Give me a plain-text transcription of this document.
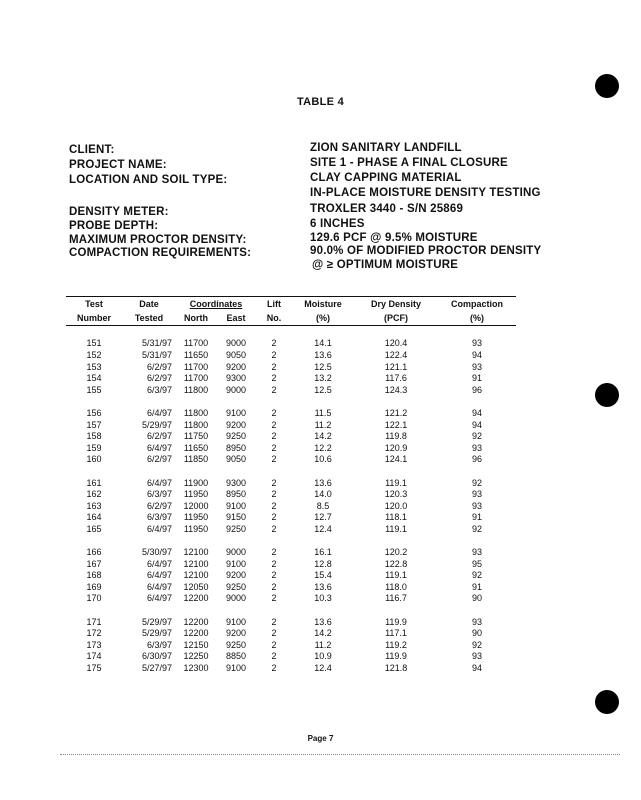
TABLE 4
CLIENT:	ZION SANITARY LANDFILL
PROJECT NAME:	SITE 1 - PHASE A FINAL CLOSURE
LOCATION AND SOIL TYPE:	CLAY CAPPING MATERIAL
IN-PLACE MOISTURE DENSITY TESTING
DENSITY METER:	TROXLER 3440 - S/N 25869
PROBE DEPTH:	6 INCHES
MAXIMUM PROCTOR DENSITY:	129.6 PCF @ 9.5% MOISTURE
COMPACTION REQUIREMENTS:	90.0% OF MODIFIED PROCTOR DENSITY
@ ≥ OPTIMUM MOISTURE
Test	Date	Coordinates		Lift	Moisture	Dry Density	Compaction
Number	Tested	North	East	No.	(%)	(PCF)	(%)

151	5/31/97	11700	9000	2	14.1	120.4	93
152	5/31/97	11650	9050	2	13.6	122.4	94
153	6/2/97	11700	9200	2	12.5	121.1	93
154	6/2/97	11700	9300	2	13.2	117.6	91
155	6/3/97	11800	9000	2	12.5	124.3	96

156	6/4/97	11800	9100	2	11.5	121.2	94
157	5/29/97	11800	9200	2	11.2	122.1	94
158	6/2/97	11750	9250	2	14.2	119.8	92
159	6/4/97	11650	8950	2	12.2	120.9	93
160	6/2/97	11850	9050	2	10.6	124.1	96

161	6/4/97	11900	9300	2	13.6	119.1	92
162	6/3/97	11950	8950	2	14.0	120.3	93
163	6/2/97	12000	9100	2	8.5	120.0	93
164	6/3/97	11950	9150	2	12.7	118.1	91
165	6/4/97	11950	9250	2	12.4	119.1	92

166	5/30/97	12100	9000	2	16.1	120.2	93
167	6/4/97	12100	9100	2	12.8	122.8	95
168	6/4/97	12100	9200	2	15.4	119.1	92
169	6/4/97	12050	9250	2	13.6	118.0	91
170	6/4/97	12200	9000	2	10.3	116.7	90

171	5/29/97	12200	9100	2	13.6	119.9	93
172	5/29/97	12200	9200	2	14.2	117.1	90
173	6/3/97	12150	9250	2	11.2	119.2	92
174	6/30/97	12250	8850	2	10.9	119.9	93
175	5/27/97	12300	9100	2	12.4	121.8	94
Page 7
